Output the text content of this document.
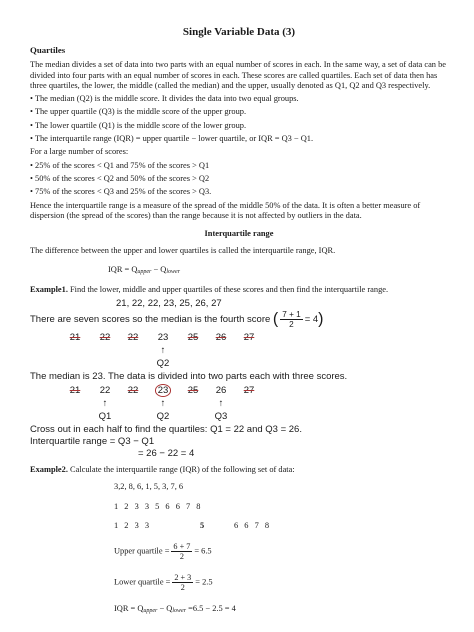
Single Variable Data (3)
Quartiles

The median divides a set of data into two parts with an equal number of scores in each. In the same way, a set of data can be divided into four parts with an equal number of scores in each. These scores are called quartiles. Each set of data then has three quartiles, the lower, the middle (called the median) and the upper, usually denoted as Q1, Q2 and Q3 respectively.

• The median (Q2) is the middle score. It divides the data into two equal groups.
• The upper quartile (Q3) is the middle score of the upper group.
• The lower quartile (Q1) is the middle score of the lower group.
• The interquartile range (IQR) = upper quartile − lower quartile, or IQR = Q3 − Q1.

For a large number of scores:

• 25% of the scores < Q1 and 75% of the scores > Q1
• 50% of the scores < Q2 and 50% of the scores > Q2
• 75% of the scores < Q3 and 25% of the scores > Q3.

Hence the interquartile range is a measure of the spread of the middle 50% of the data. It is often a better measure of dispersion (the spread of the scores) than the range because it is not affected by outliers in the data.

Interquartile range

The difference between the upper and lower quartiles is called the interquartile range, IQR.

IQR = Qupper − Qlower

Example1. Find the lower, middle and upper quartiles of these scores and then find the interquartile range.

21, 22, 22, 23, 25, 26, 27
There are seven scores so the median is the fourth score ( $\frac{7 + 1}{2} = 4$)
21	22	22	23	25	26	27
↑
Q2
The median is 23. The data is divided into two parts each with three scores.
21	22	22	23	25	26	27
↑	↑	↑
Q1	Q2	Q3
Cross out in each half to find the quartiles: Q1 = 22 and Q3 = 26.
Interquartile range = Q3 − Q1
= 26 − 22 = 4

Example2. Calculate the interquartile range (IQR) of the following set of data:

3,2, 8, 6, 1, 5, 3, 7, 6
1 2 3 3 5 6 6 7 8
1 2 3 3	5	6 6 7 8
Upper quartile = $\frac{6 + 7}{2} = 6.5$
Lower quartile = $\frac{2 + 3}{2} = 2.5$
IQR = Qupper − Qlower =6.5 − 2.5 = 4
